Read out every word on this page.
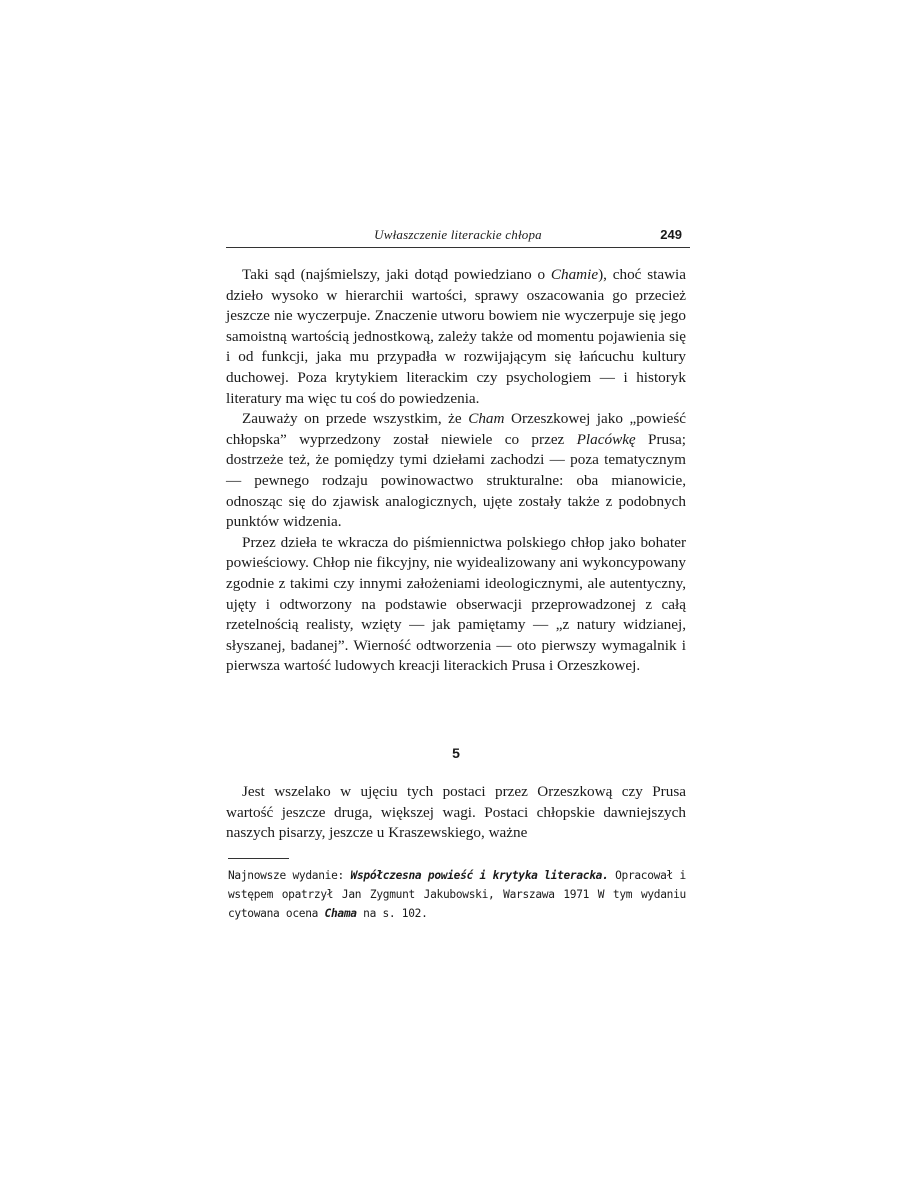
Uwłaszczenie literackie chłopa	249

Taki sąd (najśmielszy, jaki dotąd powiedziano o Chamie), choć stawia dzieło wysoko w hierarchii wartości, sprawy oszacowania go przecież jeszcze nie wyczerpuje. Znaczenie utworu bowiem nie wyczerpuje się jego samoistną wartością jednostkową, zależy także od momentu pojawienia się i od funkcji, jaka mu przypadła w rozwijającym się łańcuchu kultury duchowej. Poza krytykiem literackim czy psychologiem — i historyk literatury ma więc tu coś do powiedzenia.

Zauważy on przede wszystkim, że Cham Orzeszkowej jako „powieść chłopska” wyprzedzony został niewiele co przez Placówkę Prusa; dostrzeże też, że pomiędzy tymi dziełami zachodzi — poza tematycznym — pewnego rodzaju powinowactwo strukturalne: oba mianowicie, odnosząc się do zjawisk analogicznych, ujęte zostały także z podobnych punktów widzenia.

Przez dzieła te wkracza do piśmiennictwa polskiego chłop jako bohater powieściowy. Chłop nie fikcyjny, nie wyidealizowany ani wykoncypowany zgodnie z takimi czy innymi założeniami ideologicznymi, ale autentyczny, ujęty i odtworzony na podstawie obserwacji przeprowadzonej z całą rzetelnością realisty, wzięty — jak pamiętamy — „z natury widzianej, słyszanej, badanej”. Wierność odtworzenia — oto pierwszy wymagalnik i pierwsza wartość ludowych kreacji literackich Prusa i Orzeszkowej.

5

Jest wszelako w ujęciu tych postaci przez Orzeszkową czy Prusa wartość jeszcze druga, większej wagi. Postaci chłopskie dawniejszych naszych pisarzy, jeszcze u Kraszewskiego, ważne

Najnowsze wydanie: Współczesna powieść i krytyka literacka. Opracował i wstępem opatrzył Jan Zygmunt Jakubowski, Warszawa 1971 W tym wydaniu cytowana ocena Chama na s. 102.
